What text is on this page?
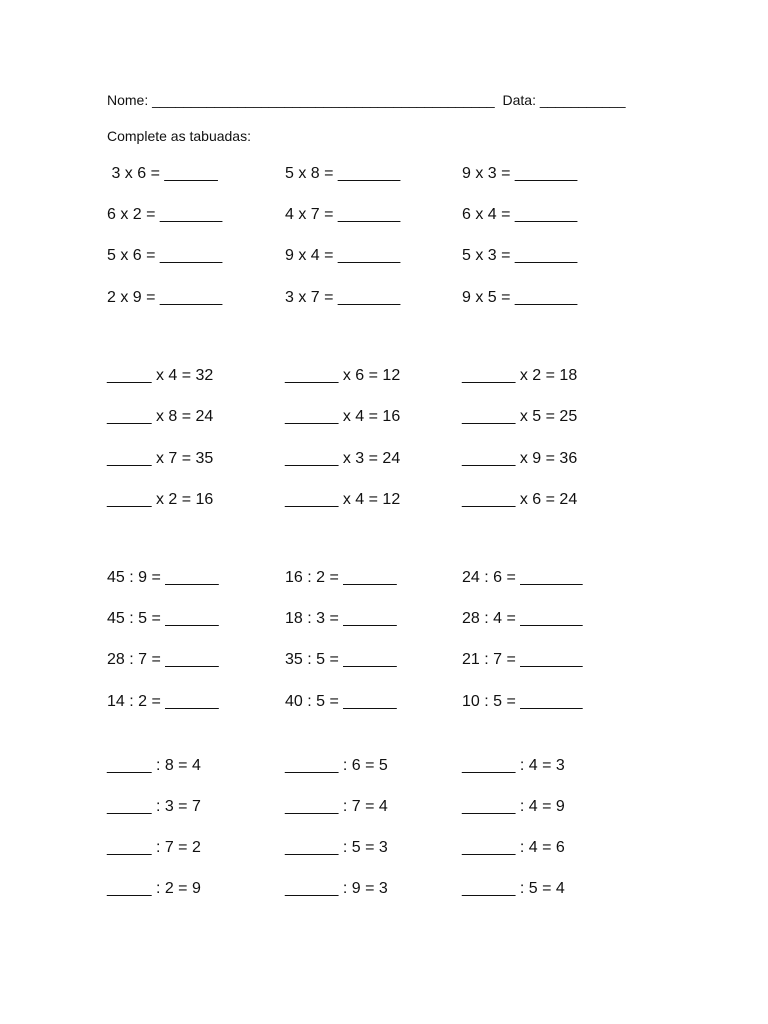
Nome: ____________________________________________  Data: ___________
Complete as tabuadas:
3 x 6 = ______	5 x 8 = _______	9 x 3 = _______
6 x 2 = _______	4 x 7 = _______	6 x 4 = _______
5 x 6 = _______	9 x 4 = _______	5 x 3 = _______
2 x 9 = _______	3 x 7 = _______	9 x 5 = _______
_____ x 4 = 32	______ x 6 = 12	______ x 2 = 18
_____ x 8 = 24	______ x 4 = 16	______ x 5 = 25
_____ x 7 = 35	______ x 3 = 24	______ x 9 = 36
_____ x 2 = 16	______ x 4 = 12	______ x 6 = 24
45 : 9 = ______	16 : 2 = ______	24 : 6 = _______
45 : 5 = ______	18 : 3 = ______	28 : 4 = _______
28 : 7 = ______	35 : 5 = ______	21 : 7 = _______
14 : 2 = ______	40 : 5 = ______	10 : 5 = _______
_____ : 8 = 4	______ : 6 = 5	______ : 4 = 3
_____ : 3 = 7	______ : 7 = 4	______ : 4 = 9
_____ : 7 = 2	______ : 5 = 3	______ : 4 = 6
_____ : 2 = 9	______ : 9 = 3	______ : 5 = 4
